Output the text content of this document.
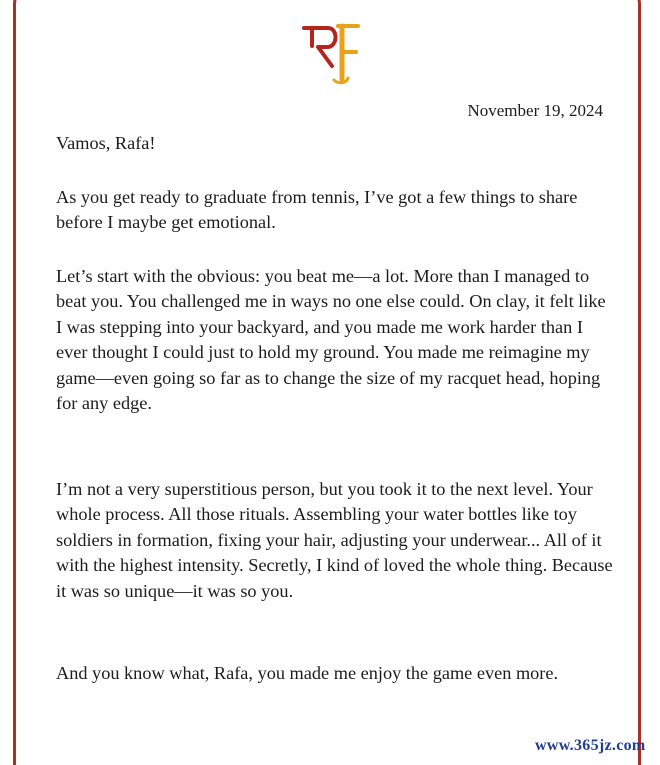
November 19, 2024

Vamos, Rafa!

As you get ready to graduate from tennis, I’ve got a few things to share before I maybe get emotional.

Let’s start with the obvious: you beat me—a lot. More than I managed to beat you. You challenged me in ways no one else could. On clay, it felt like I was stepping into your backyard, and you made me work harder than I ever thought I could just to hold my ground. You made me reimagine my game—even going so far as to change the size of my racquet head, hoping for any edge.

I’m not a very superstitious person, but you took it to the next level. Your whole process. All those rituals. Assembling your water bottles like toy soldiers in formation, fixing your hair, adjusting your underwear... All of it with the highest intensity. Secretly, I kind of loved the whole thing. Because it was so unique—it was so you.

And you know what, Rafa, you made me enjoy the game even more.

www.365jz.com
